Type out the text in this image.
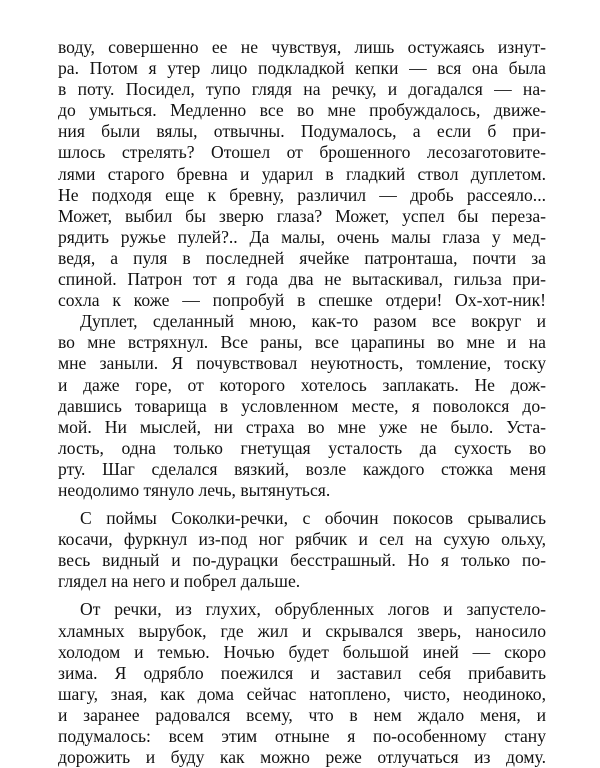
воду, совершенно ее не чувствуя, лишь остужаясь изнут-
ра. Потом я утер лицо подкладкой кепки — вся она была
в поту. Посидел, тупо глядя на речку, и догадался — на-
до умыться. Медленно все во мне пробуждалось, движе-
ния были вялы, отвычны. Подумалось, а если б при-
шлось стрелять? Отошел от брошенного лесозаготовите-
лями старого бревна и ударил в гладкий ствол дуплетом.
Не подходя еще к бревну, различил — дробь рассеяло...
Может, выбил бы зверю глаза? Может, успел бы переза-
рядить ружье пулей?.. Да малы, очень малы глаза у мед-
ведя, а пуля в последней ячейке патронташа, почти за
спиной. Патрон тот я года два не вытаскивал, гильза при-
сохла к коже — попробуй в спешке отдери! Ох-хот-ник!
Дуплет, сделанный мною, как-то разом все вокруг и
во мне встряхнул. Все раны, все царапины во мне и на
мне заныли. Я почувствовал неуютность, томление, тоску
и даже горе, от которого хотелось заплакать. Не дож-
давшись товарища в условленном месте, я поволокся до-
мой. Ни мыслей, ни страха во мне уже не было. Уста-
лость, одна только гнетущая усталость да сухость во
рту. Шаг сделался вязкий, возле каждого стожка меня
неодолимо тянуло лечь, вытянуться.
С поймы Соколки-речки, с обочин покосов срывались
косачи, фуркнул из-под ног рябчик и сел на сухую ольху,
весь видный и по-дурацки бесстрашный. Но я только по-
глядел на него и побрел дальше.
От речки, из глухих, обрубленных логов и запустело-
хламных вырубок, где жил и скрывался зверь, наносило
холодом и темью. Ночью будет большой иней — скоро
зима. Я одрябло поежился и заставил себя прибавить
шагу, зная, как дома сейчас натоплено, чисто, неодиноко,
и заранее радовался всему, что в нем ждало меня, и
подумалось: всем этим отныне я по-особенному стану
дорожить и буду как можно реже отлучаться из дому.
